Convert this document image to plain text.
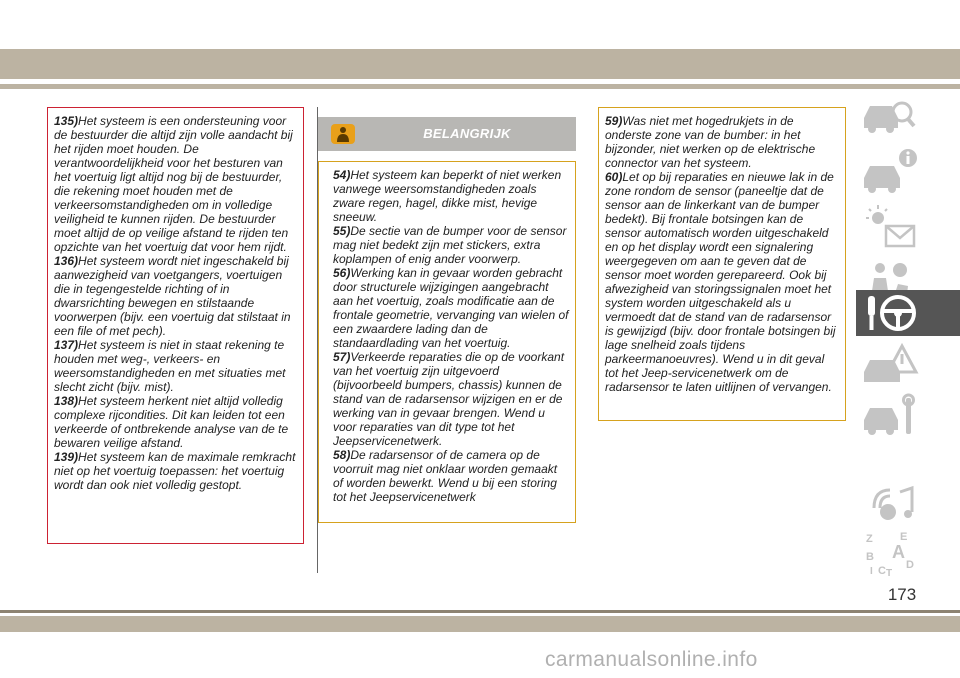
135)Het systeem is een ondersteuning voor de bestuurder die altijd zijn volle aandacht bij het rijden moet houden. De verantwoordelijkheid voor het besturen van het voertuig ligt altijd nog bij de bestuurder, die rekening moet houden met de verkeersomstandigheden om in volledige veiligheid te kunnen rijden. De bestuurder moet altijd de op veilige afstand te rijden ten opzichte van het voertuig dat voor hem rijdt.

136)Het systeem wordt niet ingeschakeld bij aanwezigheid van voetgangers, voertuigen die in tegengestelde richting of in dwarsrichting bewegen en stilstaande voorwerpen (bijv. een voertuig dat stilstaat in een file of met pech).

137)Het systeem is niet in staat rekening te houden met weg-, verkeers- en weersomstandigheden en met situaties met slecht zicht (bijv. mist).

138)Het systeem herkent niet altijd volledig complexe rijcondities. Dit kan leiden tot een verkeerde of ontbrekende analyse van de te bewaren veilige afstand.

139)Het systeem kan de maximale remkracht niet op het voertuig toepassen: het voertuig wordt dan ook niet volledig gestopt.

BELANGRIJK

54)Het systeem kan beperkt of niet werken vanwege weersomstandigheden zoals zware regen, hagel, dikke mist, hevige sneeuw.

55)De sectie van de bumper voor de sensor mag niet bedekt zijn met stickers, extra koplampen of enig ander voorwerp.

56)Werking kan in gevaar worden gebracht door structurele wijzigingen aangebracht aan het voertuig, zoals modificatie aan de frontale geometrie, vervanging van wielen of een zwaardere lading dan de standaardlading van het voertuig.

57)Verkeerde reparaties die op de voorkant van het voertuig zijn uitgevoerd (bijvoorbeeld bumpers, chassis) kunnen de stand van de radarsensor wijzigen en er de werking van in gevaar brengen. Wend u voor reparaties van dit type tot het Jeepservicenetwerk.

58)De radarsensor of de camera op de voorruit mag niet onklaar worden gemaakt of worden bewerkt. Wend u bij een storing tot het Jeepservicenetwerk

59)Was niet met hogedrukjets in de onderste zone van de bumber: in het bijzonder, niet werken op de elektrische connector van het systeem.

60)Let op bij reparaties en nieuwe lak in de zone rondom de sensor (paneeltje dat de sensor aan de linkerkant van de bumper bedekt). Bij frontale botsingen kan de sensor automatisch worden uitgeschakeld en op het display wordt een signalering weergegeven om aan te geven dat de sensor moet worden gerepareerd. Ook bij afwezigheid van storingssignalen moet het system worden uitgeschakeld als u vermoedt dat de stand van de radarsensor is gewijzigd (bijv. door frontale botsingen bij lage snelheid zoals tijdens parkeermanoeuvres). Wend u in dit geval tot het Jeep-servicenetwerk om de radarsensor te laten uitlijnen of vervangen.

Z E
B A
C D
I T
173
carmanualsonline.info
